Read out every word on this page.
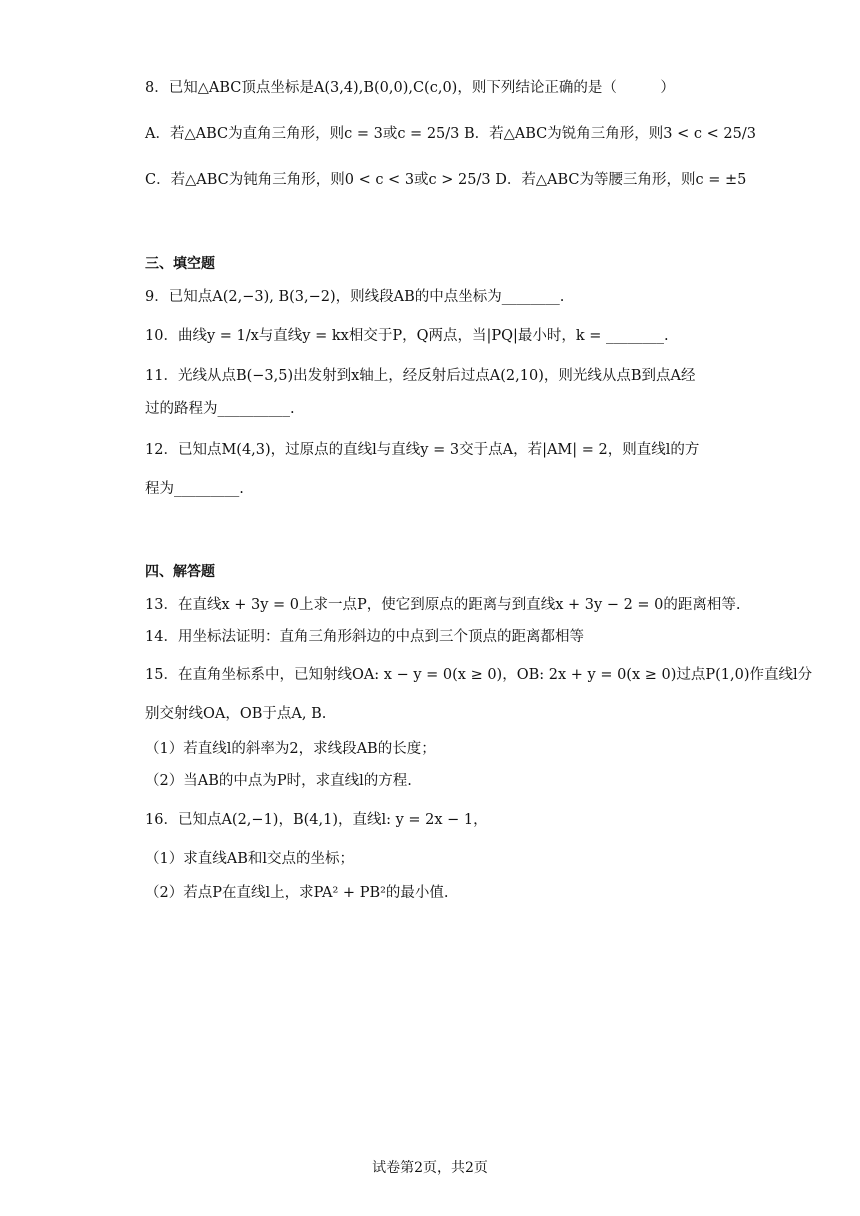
8．已知△ABC顶点坐标是A(3,4),B(0,0),C(c,0)，则下列结论正确的是（　　　）
A．若△ABC为直角三角形，则c = 3或c = 25/3 B．若△ABC为锐角三角形，则3 < c < 25/3
C．若△ABC为钝角三角形，则0 < c < 3或c > 25/3 D．若△ABC为等腰三角形，则c = ±5
三、填空题
9．已知点A(2,−3), B(3,−2)，则线段AB的中点坐标为________.
10．曲线y = 1/x与直线y = kx相交于P，Q两点，当|PQ|最小时，k = ________.
11．光线从点B(−3,5)出发射到x轴上，经反射后过点A(2,10)，则光线从点B到点A经
过的路程为__________.
12．已知点M(4,3)，过原点的直线l与直线y = 3交于点A，若|AM| = 2，则直线l的方
程为_________.
四、解答题
13．在直线x + 3y = 0上求一点P，使它到原点的距离与到直线x + 3y − 2 = 0的距离相等.
14．用坐标法证明：直角三角形斜边的中点到三个顶点的距离都相等
15．在直角坐标系中，已知射线OA: x − y = 0(x ≥ 0)，OB: 2x + y = 0(x ≥ 0)过点P(1,0)作直线l分
别交射线OA，OB于点A, B.
（1）若直线l的斜率为2，求线段AB的长度；
（2）当AB的中点为P时，求直线l的方程.
16．已知点A(2,−1)，B(4,1)，直线l: y = 2x − 1，
（1）求直线AB和l交点的坐标；
（2）若点P在直线l上，求PA² + PB²的最小值.
试卷第2页，共2页
